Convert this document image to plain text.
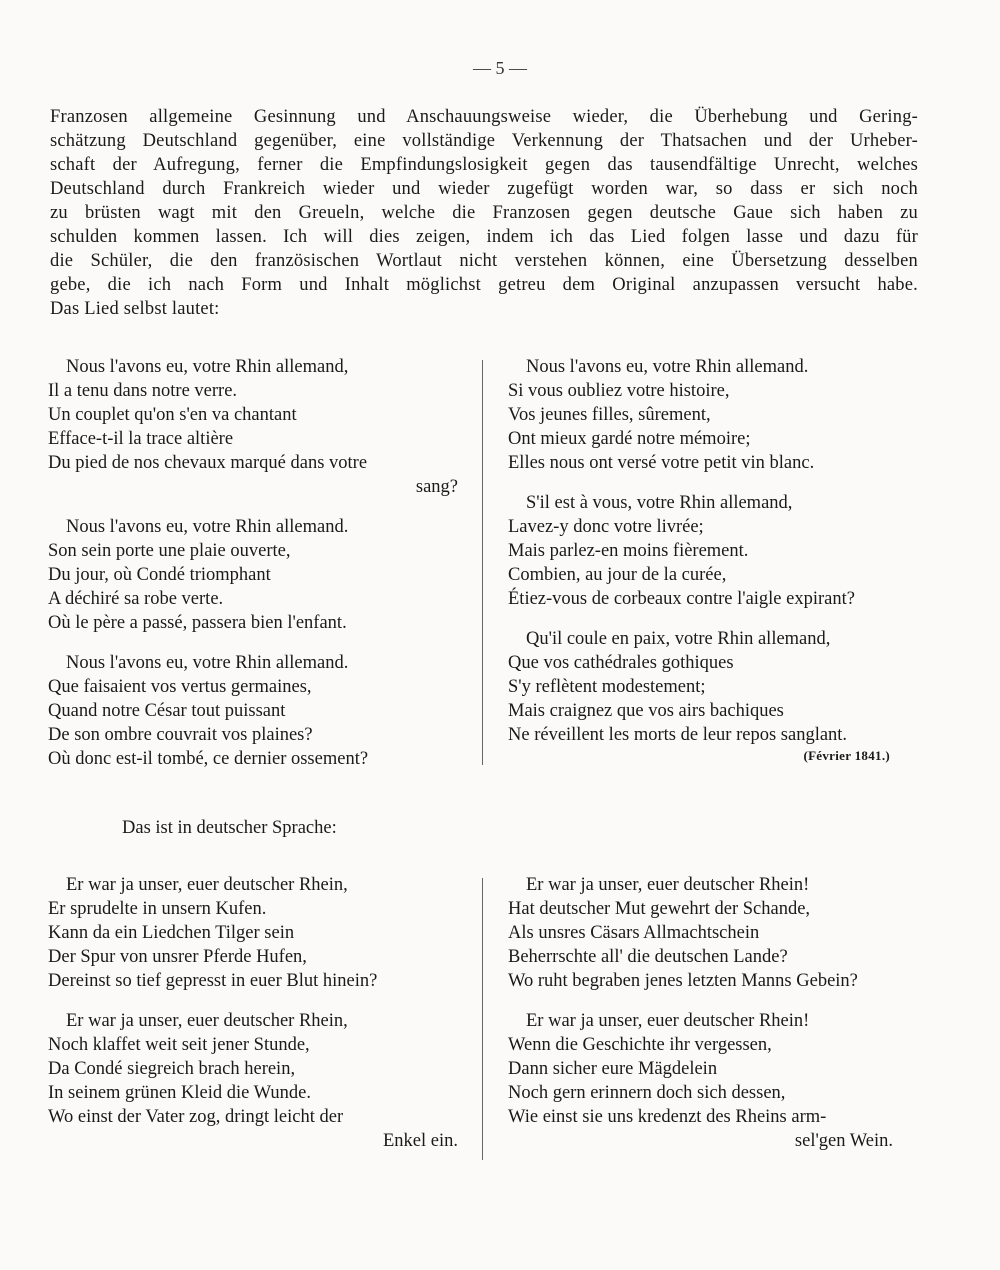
— 5 —
Franzosen allgemeine Gesinnung und Anschauungsweise wieder, die Überhebung und Gering-
schätzung Deutschland gegenüber, eine vollständige Verkennung der Thatsachen und der Urheber-
schaft der Aufregung, ferner die Empfindungslosigkeit gegen das tausendfältige Unrecht, welches
Deutschland durch Frankreich wieder und wieder zugefügt worden war, so dass er sich noch
zu brüsten wagt mit den Greueln, welche die Franzosen gegen deutsche Gaue sich haben zu
schulden kommen lassen. Ich will dies zeigen, indem ich das Lied folgen lasse und dazu für
die Schüler, die den französischen Wortlaut nicht verstehen können, eine Übersetzung desselben
gebe, die ich nach Form und Inhalt möglichst getreu dem Original anzupassen versucht habe.
Das Lied selbst lautet:
Nous l'avons eu, votre Rhin allemand,
Il a tenu dans notre verre.
Un couplet qu'on s'en va chantant
Efface-t-il la trace altière
Du pied de nos chevaux marqué dans votre
sang?
Nous l'avons eu, votre Rhin allemand.
Son sein porte une plaie ouverte,
Du jour, où Condé triomphant
A déchiré sa robe verte.
Où le père a passé, passera bien l'enfant.
Nous l'avons eu, votre Rhin allemand.
Que faisaient vos vertus germaines,
Quand notre César tout puissant
De son ombre couvrait vos plaines?
Où donc est-il tombé, ce dernier ossement?
Nous l'avons eu, votre Rhin allemand.
Si vous oubliez votre histoire,
Vos jeunes filles, sûrement,
Ont mieux gardé notre mémoire;
Elles nous ont versé votre petit vin blanc.
S'il est à vous, votre Rhin allemand,
Lavez-y donc votre livrée;
Mais parlez-en moins fièrement.
Combien, au jour de la curée,
Étiez-vous de corbeaux contre l'aigle expirant?
Qu'il coule en paix, votre Rhin allemand,
Que vos cathédrales gothiques
S'y reflètent modestement;
Mais craignez que vos airs bachiques
Ne réveillent les morts de leur repos sanglant.
(Février 1841.)
Das ist in deutscher Sprache:
Er war ja unser, euer deutscher Rhein,
Er sprudelte in unsern Kufen.
Kann da ein Liedchen Tilger sein
Der Spur von unsrer Pferde Hufen,
Dereinst so tief gepresst in euer Blut hinein?
Er war ja unser, euer deutscher Rhein,
Noch klaffet weit seit jener Stunde,
Da Condé siegreich brach herein,
In seinem grünen Kleid die Wunde.
Wo einst der Vater zog, dringt leicht der
Enkel ein.
Er war ja unser, euer deutscher Rhein!
Hat deutscher Mut gewehrt der Schande,
Als unsres Cäsars Allmachtschein
Beherrschte all' die deutschen Lande?
Wo ruht begraben jenes letzten Manns Gebein?
Er war ja unser, euer deutscher Rhein!
Wenn die Geschichte ihr vergessen,
Dann sicher eure Mägdelein
Noch gern erinnern doch sich dessen,
Wie einst sie uns kredenzt des Rheins arm-
sel'gen Wein.
